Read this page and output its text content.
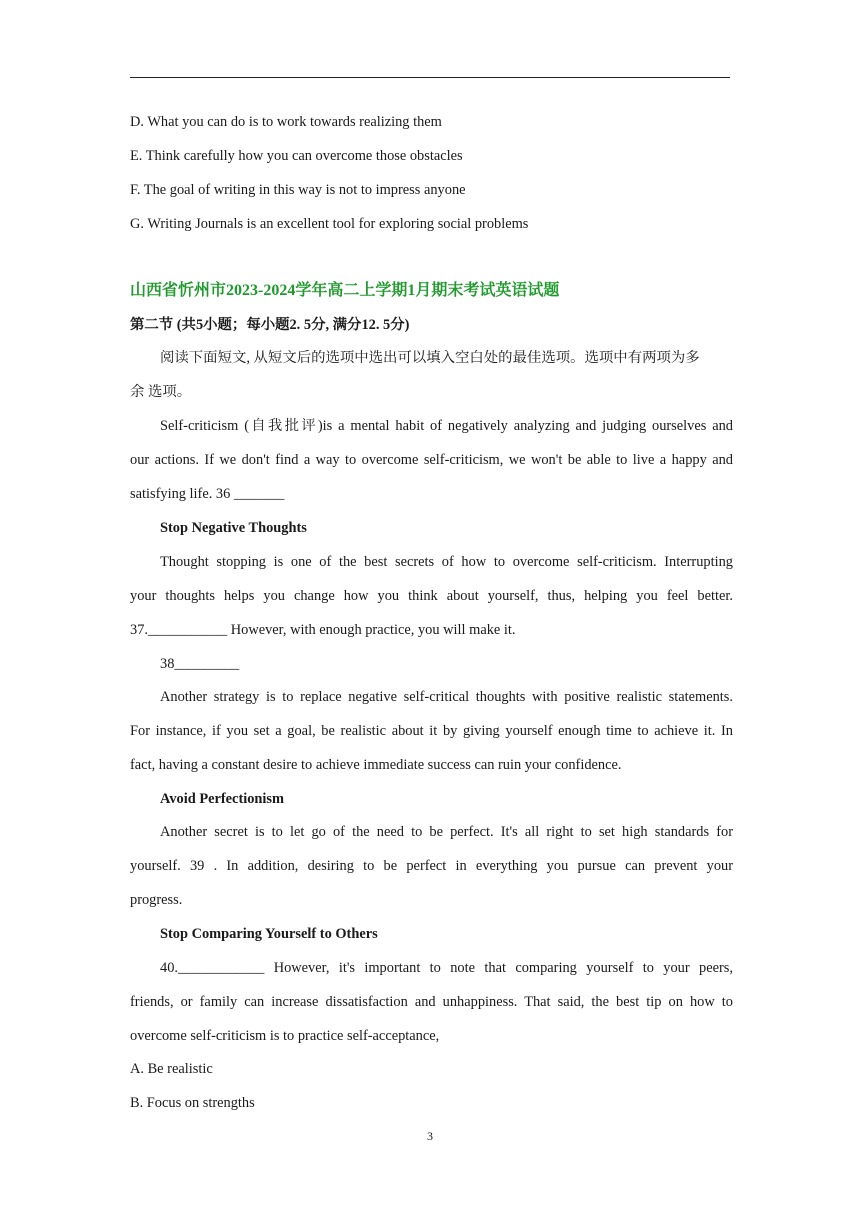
D. What you can do is to work towards realizing them
E. Think carefully how you can overcome those obstacles
F. The goal of writing in this way is not to impress anyone
G. Writing Journals is an excellent tool for exploring social problems
山西省忻州市2023-2024学年高二上学期1月期末考试英语试题
第二节 (共5小题；每小题2. 5分, 满分12. 5分)
阅读下面短文, 从短文后的选项中选出可以填入空白处的最佳选项。选项中有两项为多
余 选项。
Self-criticism (自我批评)is a mental habit of negatively analyzing and judging ourselves and
our actions. If we don't find a way to overcome self-criticism, we won't be able to live a happy and
satisfying life. 36 _______
Stop Negative Thoughts
Thought stopping is one of the best secrets of how to overcome self-criticism. Interrupting
your thoughts helps you change how you think about yourself, thus, helping you feel better.
37.___________ However, with enough practice, you will make it.
38_________
Another strategy is to replace negative self-critical thoughts with positive realistic statements.
For instance, if you set a goal, be realistic about it by giving yourself enough time to achieve it. In
fact, having a constant desire to achieve immediate success can ruin your confidence.
Avoid Perfectionism
Another secret is to let go of the need to be perfect. It's all right to set high standards for
yourself. 39 . In addition, desiring to be perfect in everything you pursue can prevent your
progress.
Stop Comparing Yourself to Others
40.____________ However, it's important to note that comparing yourself to your peers,
friends, or family can increase dissatisfaction and unhappiness. That said, the best tip on how to
overcome self-criticism is to practice self-acceptance,
A. Be realistic
B. Focus on strengths
3
